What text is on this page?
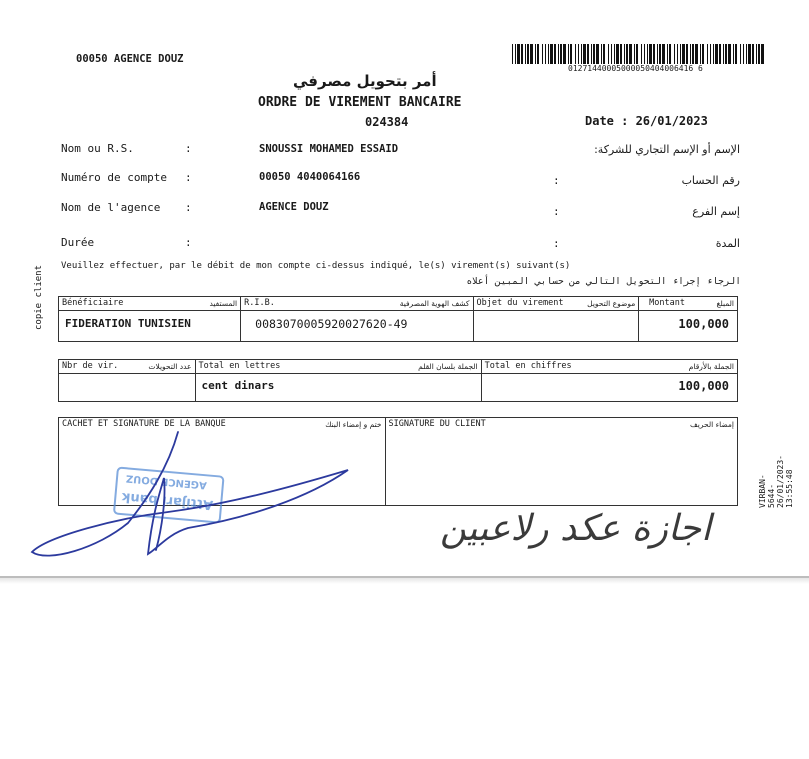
00050 AGENCE DOUZ
01271440005000050404006416 6
أمر بتحويل مصرفي
ORDRE DE VIREMENT BANCAIRE
024384	Date : 26/01/2023
Nom ou R.S.	:	SNOUSSI MOHAMED ESSAID	الإسم أو الإسم التجاري للشركة:
Numéro de compte :	00050 4040064166	:	رقم الحساب
Nom de l'agence :	AGENCE DOUZ	:	إسم الفرع
Durée	:	:	المدة
Veuillez effectuer, par le débit de mon compte ci-dessus indiqué, le(s) virement(s) suivant(s)
الرجاء إجراء التحويل التالي من حسابي المبين أعلاه
Bénéficiaire المستفيد	R.I.B. كشف الهوية المصرفية	Objet du virement موضوع التحويل	Montant المبلغ

FIDERATION TUNISIEN	0083070005920027620-49		100,000
Nbr de vir. عدد التحويلات	Total en lettres الجملة بلسان القلم	Total en chiffres الجملة بالأرقام

	cent dinars	100,000
CACHET ET SIGNATURE DE LA BANQUE	ختم و إمضاء البنك	SIGNATURE DU CLIENT	إمضاء الحريف
Attijari bank
AGENCE DOUZ
اجازة عكد رلاعبين
copie client
VIRBAN-5644-26/01/2023-13:55:48
